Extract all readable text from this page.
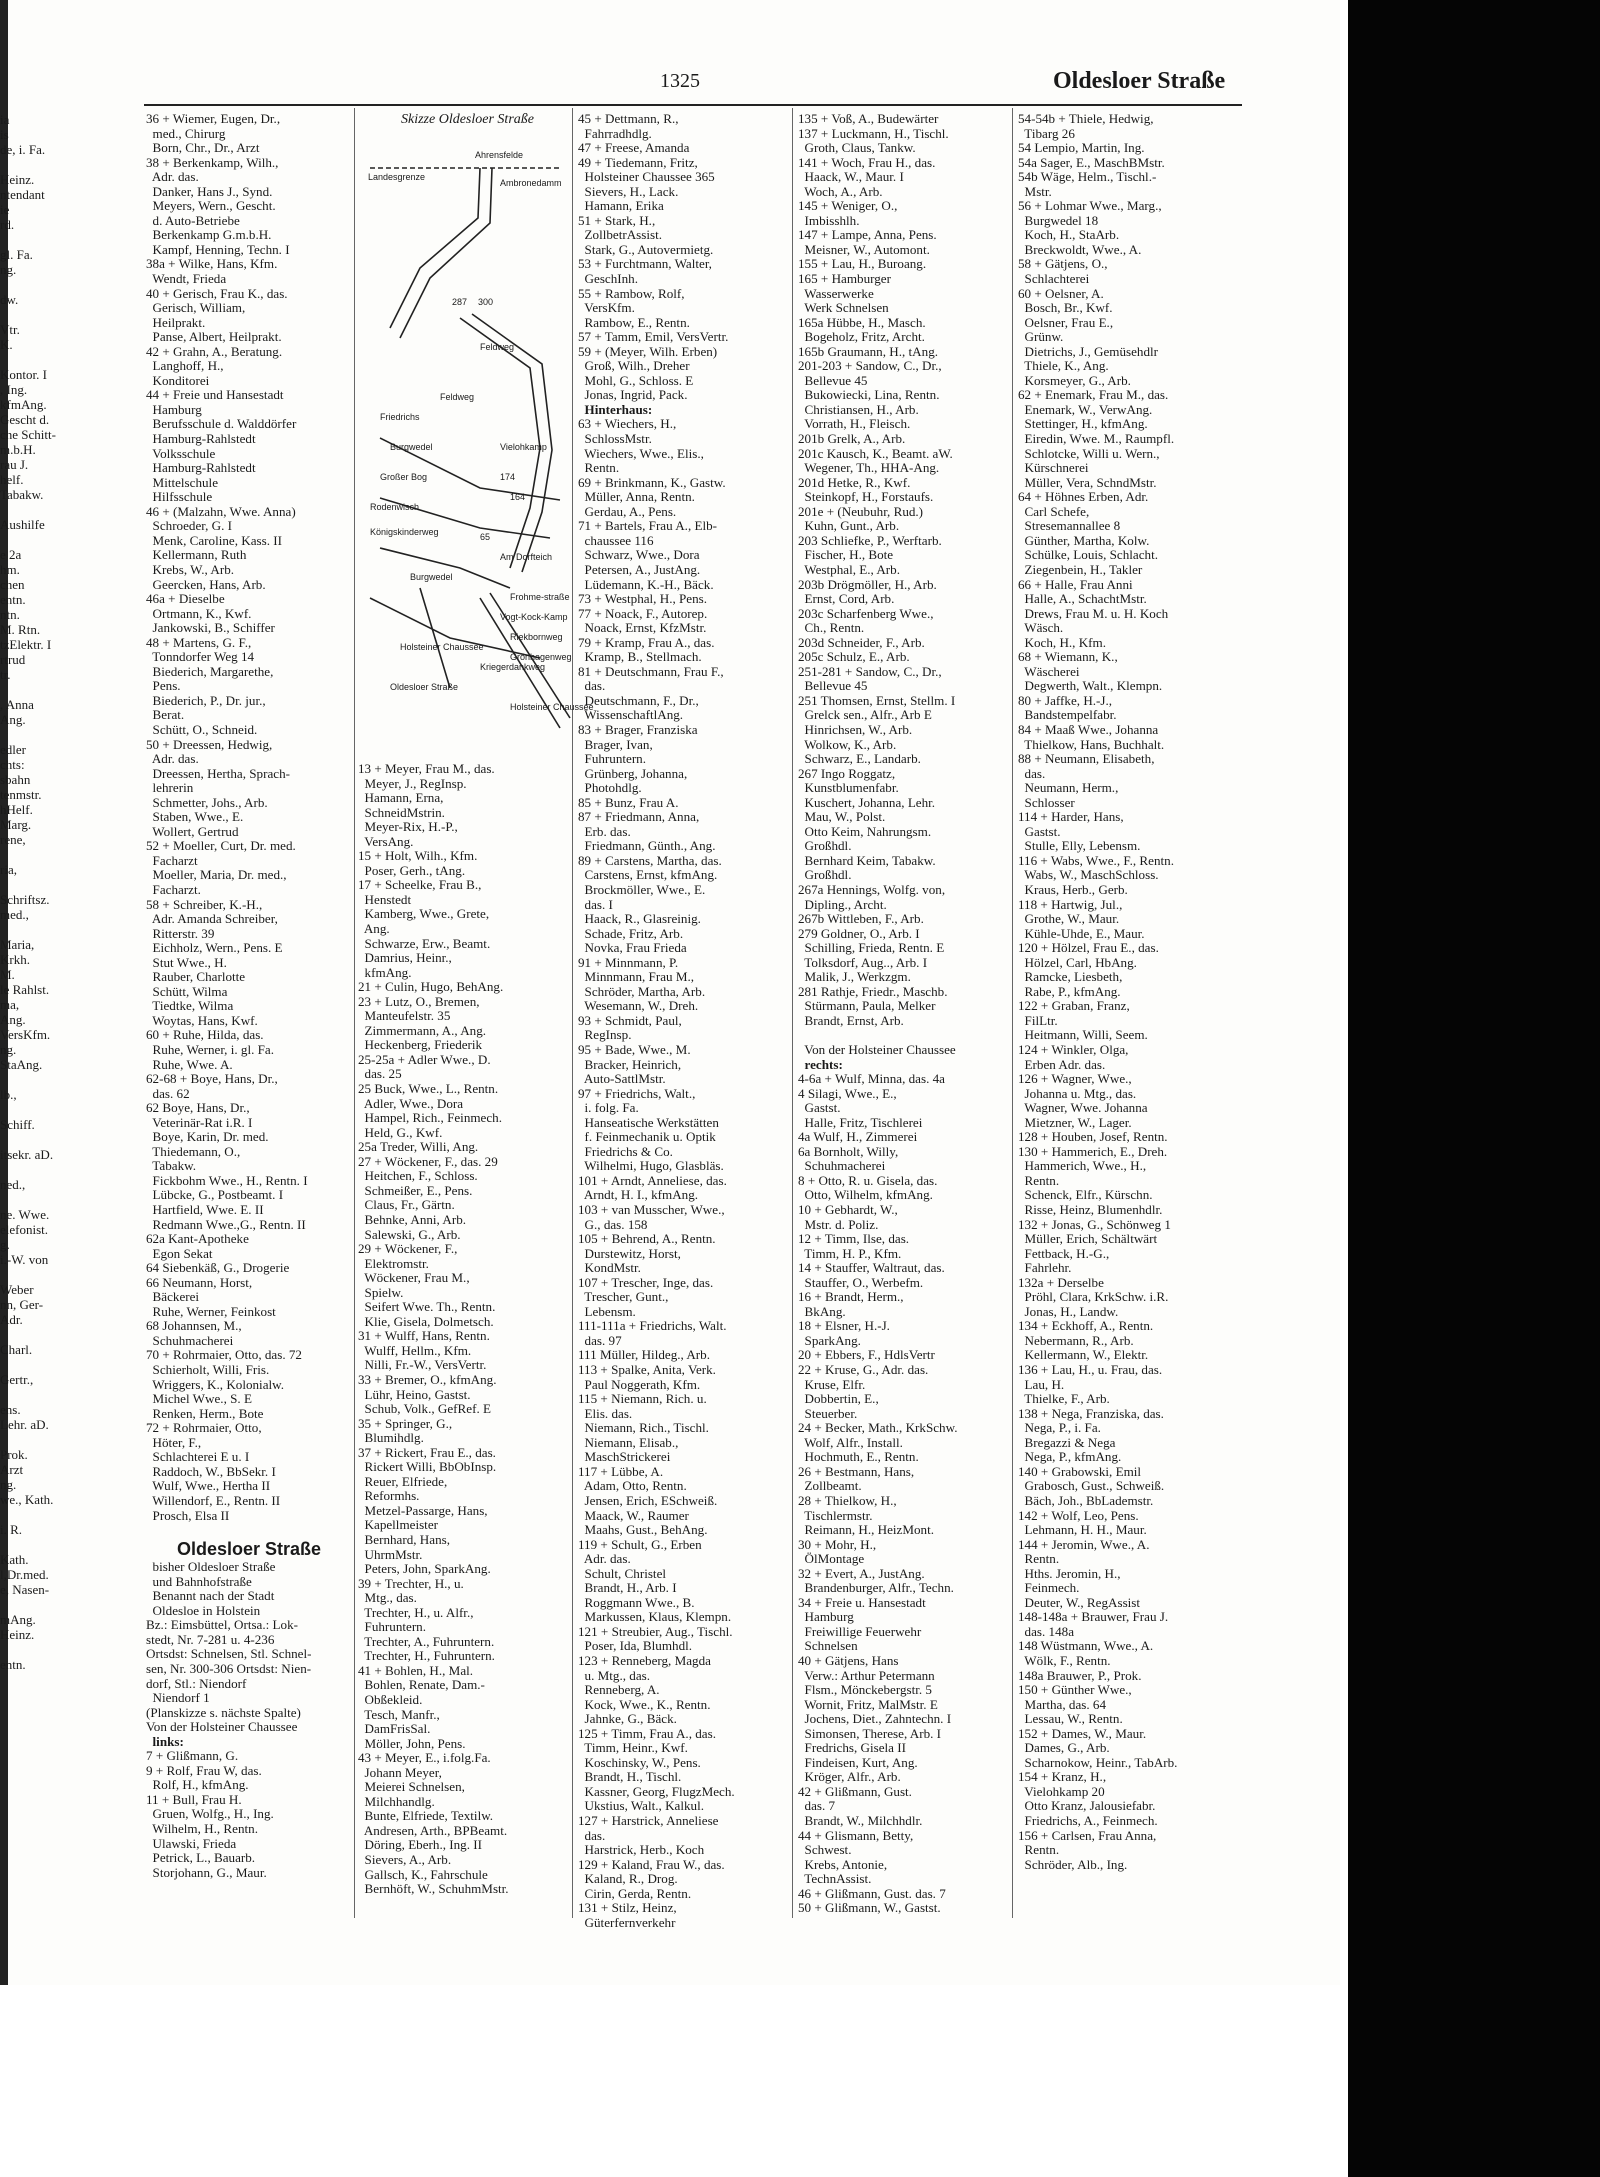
1325	Oldesloer Straße
ia
is
de, i. Fa.

Heinz.
ntendant
ie
rd.

gl. Fa.
ng.

dw.

Vtr.
K.

Kontor. I
, Ing.
kfmAng.
Gescht d.
che Schitt-
m.b.H.
rau J.
helf.
Tabakw.

Aushilfe

e 2a
hm.
chen
entn.
ntn.
M. Rtn.
tzElektr. I
rtrud
tr.

, Anna
Ang.

edler
chts:
sbahn
tenmstr.
hHelf.
Marg.
rene,

ria,

Schriftsz.
med.,

Maria,
Krkh.
M.
le Rahlst.
ma,
Ang.
VersKfm.
ng.
StaAng.

lb.,

Schiff.

itsekr. aD.

ned.,

ne. Wwe.
elefonist.
g.
i.-W. von

Weber
nn, Ger-
Adr.

Charl.

Gertr.,

ens.
Lehr. aD.

Prok.
Arzt
ng.
we., Kath.

i. R.

Kath.
l,Dr.med.
e, Nasen-

mAng.
Heinz.

entn.
36 + Wiemer, Eugen, Dr.,
med., Chirurg
Born, Chr., Dr., Arzt
38 + Berkenkamp, Wilh.,
Adr. das.
Danker, Hans J., Synd.
Meyers, Wern., Gescht.
d. Auto-Betriebe
Berkenkamp G.m.b.H.
Kampf, Henning, Techn. I
38a + Wilke, Hans, Kfm.
Wendt, Frieda
40 + Gerisch, Frau K., das.
Gerisch, William,
Heilprakt.
Panse, Albert, Heilprakt.
42 + Grahn, A., Beratung.
Langhoff, H.,
Konditorei
44 + Freie und Hansestadt
Hamburg
Berufsschule d. Walddörfer
Hamburg-Rahlstedt
Volksschule
Hamburg-Rahlstedt
Mittelschule
Hilfsschule
46 + (Malzahn, Wwe. Anna)
Schroeder, G. I
Menk, Caroline, Kass. II
Kellermann, Ruth
Krebs, W., Arb.
Geercken, Hans, Arb.
46a + Dieselbe
Ortmann, K., Kwf.
Jankowski, B., Schiffer
48 + Martens, G. F.,
Tonndorfer Weg 14
Biederich, Margarethe,
Pens.
Biederich, P., Dr. jur.,
Berat.
Schütt, O., Schneid.
50 + Dreessen, Hedwig,
Adr. das.
Dreessen, Hertha, Sprach-
lehrerin
Schmetter, Johs., Arb.
Staben, Wwe., E.
Wollert, Gertrud
52 + Moeller, Curt, Dr. med.
Facharzt
Moeller, Maria, Dr. med.,
Facharzt.
58 + Schreiber, K.-H.,
Adr. Amanda Schreiber,
Ritterstr. 39
Eichholz, Wern., Pens. E
Stut Wwe., H.
Rauber, Charlotte
Schütt, Wilma
Tiedtke, Wilma
Woytas, Hans, Kwf.
60 + Ruhe, Hilda, das.
Ruhe, Werner, i. gl. Fa.
Ruhe, Wwe. A.
62-68 + Boye, Hans, Dr.,
das. 62
62 Boye, Hans, Dr.,
Veterinär-Rat i.R. I
Boye, Karin, Dr. med.
Thiedemann, O.,
Tabakw.
Fickbohm Wwe., H., Rentn. I
Lübcke, G., Postbeamt. I
Hartfield, Wwe. E. II
Redmann Wwe.,G., Rentn. II
62a Kant-Apotheke
Egon Sekat
64 Siebenkäß, G., Drogerie
66 Neumann, Horst,
Bäckerei
Ruhe, Werner, Feinkost
68 Johannsen, M.,
Schuhmacherei
70 + Rohrmaier, Otto, das. 72
Schierholt, Willi, Fris.
Wriggers, K., Kolonialw.
Michel Wwe., S. E
Renken, Herm., Bote
72 + Rohrmaier, Otto,
Höter, F.,
Schlachterei E u. I
Raddoch, W., BbSekr. I
Wulf, Wwe., Hertha II
Willendorf, E., Rentn. II
Prosch, Elsa II

Oldesloer Straße
bisher Oldesloer Straße
und Bahnhofstraße
Benannt nach der Stadt
Oldesloe in Holstein
Bz.: Eimsbüttel, Ortsa.: Lok-
stedt, Nr. 7-281 u. 4-236
Ortsdst: Schnelsen, Stl. Schnel-
sen, Nr. 300-306 Ortsdst: Nien-
dorf, Stl.: Niendorf
Niendorf 1
(Planskizze s. nächste Spalte)
Von der Holsteiner Chaussee
links:
7 + Glißmann, G.
9 + Rolf, Frau W, das.
Rolf, H., kfmAng.
11 + Bull, Frau H.
Gruen, Wolfg., H., Ing.
Wilhelm, H., Rentn.
Ulawski, Frieda
Petrick, L., Bauarb.
Storjohann, G., Maur.
Skizze Oldesloer Straße
Landesgrenze
Ahrensfelde
Ambronedamm
287 300
Feldweg
Feldweg
Friedrichs
Burgwedel	Vielohkamp
Großer Bog
Rodenwisch
Königskinderweg
174
164
65
Am Dorfteich
Burgwedel
Frohme-straße
Vogt-Kock-Kamp
Riekbornweg
Grönhagenweg
Holsteiner Chaussee
Kriegerdankweg
Oldesloer Straße
Holsteiner Chaussee
13 + Meyer, Frau M., das.
Meyer, J., RegInsp.
Hamann, Erna,
SchneidMstrin.
Meyer-Rix, H.-P.,
VersAng.
15 + Holt, Wilh., Kfm.
Poser, Gerh., tAng.
17 + Scheelke, Frau B.,
Henstedt
Kamberg, Wwe., Grete,
Ang.
Schwarze, Erw., Beamt.
Damrius, Heinr.,
kfmAng.
21 + Culin, Hugo, BehAng.
23 + Lutz, O., Bremen,
Manteufelstr. 35
Zimmermann, A., Ang.
Heckenberg, Friederik
25-25a + Adler Wwe., D.
das. 25
25 Buck, Wwe., L., Rentn.
Adler, Wwe., Dora
Hampel, Rich., Feinmech.
Held, G., Kwf.
25a Treder, Willi, Ang.
27 + Wöckener, F., das. 29
Heitchen, F., Schloss.
Schmeißer, E., Pens.
Claus, Fr., Gärtn.
Behnke, Anni, Arb.
Salewski, G., Arb.
29 + Wöckener, F.,
Elektromstr.
Wöckener, Frau M.,
Spielw.
Seifert Wwe. Th., Rentn.
Klie, Gisela, Dolmetsch.
31 + Wulff, Hans, Rentn.
Wulff, Hellm., Kfm.
Nilli, Fr.-W., VersVertr.
33 + Bremer, O., kfmAng.
Lühr, Heino, Gastst.
Schub, Volk., GefRef. E
35 + Springer, G.,
Blumihdlg.
37 + Rickert, Frau E., das.
Rickert Willi, BbObInsp.
Reuer, Elfriede,
Reformhs.
Metzel-Passarge, Hans,
Kapellmeister
Bernhard, Hans,
UhrmMstr.
Peters, John, SparkAng.
39 + Trechter, H., u.
Mtg., das.
Trechter, H., u. Alfr.,
Fuhruntern.
Trechter, A., Fuhruntern.
Trechter, H., Fuhruntern.
41 + Bohlen, H., Mal.
Bohlen, Renate, Dam.-
Obßekleid.
Tesch, Manfr.,
DamFrisSal.
Möller, John, Pens.
43 + Meyer, E., i.folg.Fa.
Johann Meyer,
Meierei Schnelsen,
Milchhandlg.
Bunte, Elfriede, Textilw.
Andresen, Arth., BPBeamt.
Döring, Eberh., Ing. II
Sievers, A., Arb.
Gallsch, K., Fahrschule
Bernhöft, W., SchuhmMstr.
45 + Dettmann, R.,
Fahrradhdlg.
47 + Freese, Amanda
49 + Tiedemann, Fritz,
Holsteiner Chaussee 365
Sievers, H., Lack.
Hamann, Erika
51 + Stark, H.,
ZollbetrAssist.
Stark, G., Autovermietg.
53 + Furchtmann, Walter,
GeschInh.
55 + Rambow, Rolf,
VersKfm.
Rambow, E., Rentn.
57 + Tamm, Emil, VersVertr.
59 + (Meyer, Wilh. Erben)
Groß, Wilh., Dreher
Mohl, G., Schloss. E
Jonas, Ingrid, Pack.
Hinterhaus:
63 + Wiechers, H.,
SchlossMstr.
Wiechers, Wwe., Elis.,
Rentn.
69 + Brinkmann, K., Gastw.
Müller, Anna, Rentn.
Gerdau, A., Pens.
71 + Bartels, Frau A., Elb-
chaussee 116
Schwarz, Wwe., Dora
Petersen, A., JustAng.
Lüdemann, K.-H., Bäck.
73 + Westphal, H., Pens.
77 + Noack, F., Autorep.
Noack, Ernst, KfzMstr.
79 + Kramp, Frau A., das.
Kramp, B., Stellmach.
81 + Deutschmann, Frau F.,
das.
Deutschmann, F., Dr.,
WissenschaftlAng.
83 + Brager, Franziska
Brager, Ivan,
Fuhruntern.
Grünberg, Johanna,
Photohdlg.
85 + Bunz, Frau A.
87 + Friedmann, Anna,
Erb. das.
Friedmann, Günth., Ang.
89 + Carstens, Martha, das.
Carstens, Ernst, kfmAng.
Brockmöller, Wwe., E.
das. I
Haack, R., Glasreinig.
Schade, Fritz, Arb.
Novka, Frau Frieda
91 + Minnmann, P.
Minnmann, Frau M.,
Schröder, Martha, Arb.
Wesemann, W., Dreh.
93 + Schmidt, Paul,
RegInsp.
95 + Bade, Wwe., M.
Bracker, Heinrich,
Auto-SattlMstr.
97 + Friedrichs, Walt.,
i. folg. Fa.
Hanseatische Werkstätten
f. Feinmechanik u. Optik
Friedrichs & Co.
Wilhelmi, Hugo, Glasbläs.
101 + Arndt, Anneliese, das.
Arndt, H. I., kfmAng.
103 + van Musscher, Wwe.,
G., das. 158
105 + Behrend, A., Rentn.
Durstewitz, Horst,
KondMstr.
107 + Trescher, Inge, das.
Trescher, Gunt.,
Lebensm.
111-111a + Friedrichs, Walt.
das. 97
111 Müller, Hildeg., Arb.
113 + Spalke, Anita, Verk.
Paul Noggerath, Kfm.
115 + Niemann, Rich. u.
Elis. das.
Niemann, Rich., Tischl.
Niemann, Elisab.,
MaschStrickerei
117 + Lübbe, A.
Adam, Otto, Rentn.
Jensen, Erich, ESchweiß.
Maack, W., Raumer
Maahs, Gust., BehAng.
119 + Schult, G., Erben
Adr. das.
Schult, Christel
Brandt, H., Arb. I
Roggmann Wwe., B.
Markussen, Klaus, Klempn.
121 + Streubier, Aug., Tischl.
Poser, Ida, Blumhdl.
123 + Renneberg, Magda
u. Mtg., das.
Renneberg, A.
Kock, Wwe., K., Rentn.
Jahnke, G., Bäck.
125 + Timm, Frau A., das.
Timm, Heinr., Kwf.
Koschinsky, W., Pens.
Brandt, H., Tischl.
Kassner, Georg, FlugzMech.
Ukstius, Walt., Kalkul.
127 + Harstrick, Anneliese
das.
Harstrick, Herb., Koch
129 + Kaland, Frau W., das.
Kaland, R., Drog.
Cirin, Gerda, Rentn.
131 + Stilz, Heinz,
Güterfernverkehr
135 + Voß, A., Budewärter
137 + Luckmann, H., Tischl.
Groth, Claus, Tankw.
141 + Woch, Frau H., das.
Haack, W., Maur. I
Woch, A., Arb.
145 + Weniger, O.,
Imbisshlh.
147 + Lampe, Anna, Pens.
Meisner, W., Automont.
155 + Lau, H., Buroang.
165 + Hamburger
Wasserwerke
Werk Schnelsen
165a Hübbe, H., Masch.
Bogeholz, Fritz, Archt.
165b Graumann, H., tAng.
201-203 + Sandow, C., Dr.,
Bellevue 45
Bukowiecki, Lina, Rentn.
Christiansen, H., Arb.
Vorrath, H., Fleisch.
201b Grelk, A., Arb.
201c Kausch, K., Beamt. aW.
Wegener, Th., HHA-Ang.
201d Hetke, R., Kwf.
Steinkopf, H., Forstaufs.
201e + (Neubuhr, Rud.)
Kuhn, Gunt., Arb.
203 Schliefke, P., Werftarb.
Fischer, H., Bote
Westphal, E., Arb.
203b Drögmöller, H., Arb.
Ernst, Cord, Arb.
203c Scharfenberg Wwe.,
Ch., Rentn.
203d Schneider, F., Arb.
205c Schulz, E., Arb.
251-281 + Sandow, C., Dr.,
Bellevue 45
251 Thomsen, Ernst, Stellm. I
Grelck sen., Alfr., Arb E
Hinrichsen, W., Arb.
Wolkow, K., Arb.
Schwarz, E., Landarb.
267 Ingo Roggatz,
Kunstblumenfabr.
Kuschert, Johanna, Lehr.
Mau, W., Polst.
Otto Keim, Nahrungsm.
Großhdl.
Bernhard Keim, Tabakw.
Großhdl.
267a Hennings, Wolfg. von,
Dipling., Archt.
267b Wittleben, F., Arb.
279 Goldner, O., Arb. I
Schilling, Frieda, Rentn. E
Tolksdorf, Aug.., Arb. I
Malik, J., Werkzgm.
281 Rathje, Friedr., Maschb.
Stürmann, Paula, Melker
Brandt, Ernst, Arb.

Von der Holsteiner Chaussee
rechts:
4-6a + Wulf, Minna, das. 4a
4 Silagi, Wwe., E.,
Gastst.
Halle, Fritz, Tischlerei
4a Wulf, H., Zimmerei
6a Bornholt, Willy,
Schuhmacherei
8 + Otto, R. u. Gisela, das.
Otto, Wilhelm, kfmAng.
10 + Gebhardt, W.,
Mstr. d. Poliz.
12 + Timm, Ilse, das.
Timm, H. P., Kfm.
14 + Stauffer, Waltraut, das.
Stauffer, O., Werbefm.
16 + Brandt, Herm.,
BkAng.
18 + Elsner, H.-J.
SparkAng.
20 + Ebbers, F., HdlsVertr
22 + Kruse, G., Adr. das.
Kruse, Elfr.
Dobbertin, E.,
Steuerber.
24 + Becker, Math., KrkSchw.
Wolf, Alfr., Install.
Hochmuth, E., Rentn.
26 + Bestmann, Hans,
Zollbeamt.
28 + Thielkow, H.,
Tischlermstr.
Reimann, H., HeizMont.
30 + Mohr, H.,
ÖlMontage
32 + Evert, A., JustAng.
Brandenburger, Alfr., Techn.
34 + Freie u. Hansestadt
Hamburg
Freiwillige Feuerwehr
Schnelsen
40 + Gätjens, Hans
Verw.: Arthur Petermann
Flsm., Mönckebergstr. 5
Wornit, Fritz, MalMstr. E
Jochens, Diet., Zahntechn. I
Simonsen, Therese, Arb. I
Fredrichs, Gisela II
Findeisen, Kurt, Ang.
Kröger, Alfr., Arb.
42 + Glißmann, Gust.
das. 7
Brandt, W., Milchhdlr.
44 + Glismann, Betty,
Schwest.
Krebs, Antonie,
TechnAssist.
46 + Glißmann, Gust. das. 7
50 + Glißmann, W., Gastst.
54-54b + Thiele, Hedwig,
Tibarg 26
54 Lempio, Martin, Ing.
54a Sager, E., MaschBMstr.
54b Wäge, Helm., Tischl.-
Mstr.
56 + Lohmar Wwe., Marg.,
Burgwedel 18
Koch, H., StaArb.
Breckwoldt, Wwe., A.
58 + Gätjens, O.,
Schlachterei
60 + Oelsner, A.
Bosch, Br., Kwf.
Oelsner, Frau E.,
Grünw.
Dietrichs, J., Gemüsehdlr
Thiele, K., Ang.
Korsmeyer, G., Arb.
62 + Enemark, Frau M., das.
Enemark, W., VerwAng.
Stettinger, H., kfmAng.
Eiredin, Wwe. M., Raumpfl.
Schlotcke, Willi u. Wern.,
Kürschnerei
Müller, Vera, SchndMstr.
64 + Höhnes Erben, Adr.
Carl Schefe,
Stresemannallee 8
Günther, Martha, Kolw.
Schülke, Louis, Schlacht.
Ziegenbein, H., Takler
66 + Halle, Frau Anni
Halle, A., SchachtMstr.
Drews, Frau M. u. H. Koch
Wäsch.
Koch, H., Kfm.
68 + Wiemann, K.,
Wäscherei
Degwerth, Walt., Klempn.
80 + Jaffke, H.-J.,
Bandstempelfabr.
84 + Maaß Wwe., Johanna
Thielkow, Hans, Buchhalt.
88 + Neumann, Elisabeth,
das.
Neumann, Herm.,
Schlosser
114 + Harder, Hans,
Gastst.
Stulle, Elly, Lebensm.
116 + Wabs, Wwe., F., Rentn.
Wabs, W., MaschSchloss.
Kraus, Herb., Gerb.
118 + Hartwig, Jul.,
Grothe, W., Maur.
Kühle-Uhde, E., Maur.
120 + Hölzel, Frau E., das.
Hölzel, Carl, HbAng.
Ramcke, Liesbeth,
Rabe, P., kfmAng.
122 + Graban, Franz,
FilLtr.
Heitmann, Willi, Seem.
124 + Winkler, Olga,
Erben Adr. das.
126 + Wagner, Wwe.,
Johanna u. Mtg., das.
Wagner, Wwe. Johanna
Mietzner, W., Lager.
128 + Houben, Josef, Rentn.
130 + Hammerich, E., Dreh.
Hammerich, Wwe., H.,
Rentn.
Schenck, Elfr., Kürschn.
Risse, Heinz, Blumenhdlr.
132 + Jonas, G., Schönweg 1
Müller, Erich, Schältwärt
Fettback, H.-G.,
Fahrlehr.
132a + Derselbe
Pröhl, Clara, KrkSchw. i.R.
Jonas, H., Landw.
134 + Eckhoff, A., Rentn.
Nebermann, R., Arb.
Kellermann, W., Elektr.
136 + Lau, H., u. Frau, das.
Lau, H.
Thielke, F., Arb.
138 + Nega, Franziska, das.
Nega, P., i. Fa.
Bregazzi & Nega
Nega, P., kfmAng.
140 + Grabowski, Emil
Grabosch, Gust., Schweiß.
Bäch, Joh., BbLademstr.
142 + Wolf, Leo, Pens.
Lehmann, H. H., Maur.
144 + Jeromin, Wwe., A.
Rentn.
Hths. Jeromin, H.,
Feinmech.
Deuter, W., RegAssist
148-148a + Brauwer, Frau J.
das. 148a
148 Wüstmann, Wwe., A.
Wölk, F., Rentn.
148a Brauwer, P., Prok.
150 + Günther Wwe.,
Martha, das. 64
Lessau, W., Rentn.
152 + Dames, W., Maur.
Dames, G., Arb.
Scharnokow, Heinr., TabArb.
154 + Kranz, H.,
Vielohkamp 20
Otto Kranz, Jalousiefabr.
Friedrichs, A., Feinmech.
156 + Carlsen, Frau Anna,
Rentn.
Schröder, Alb., Ing.
